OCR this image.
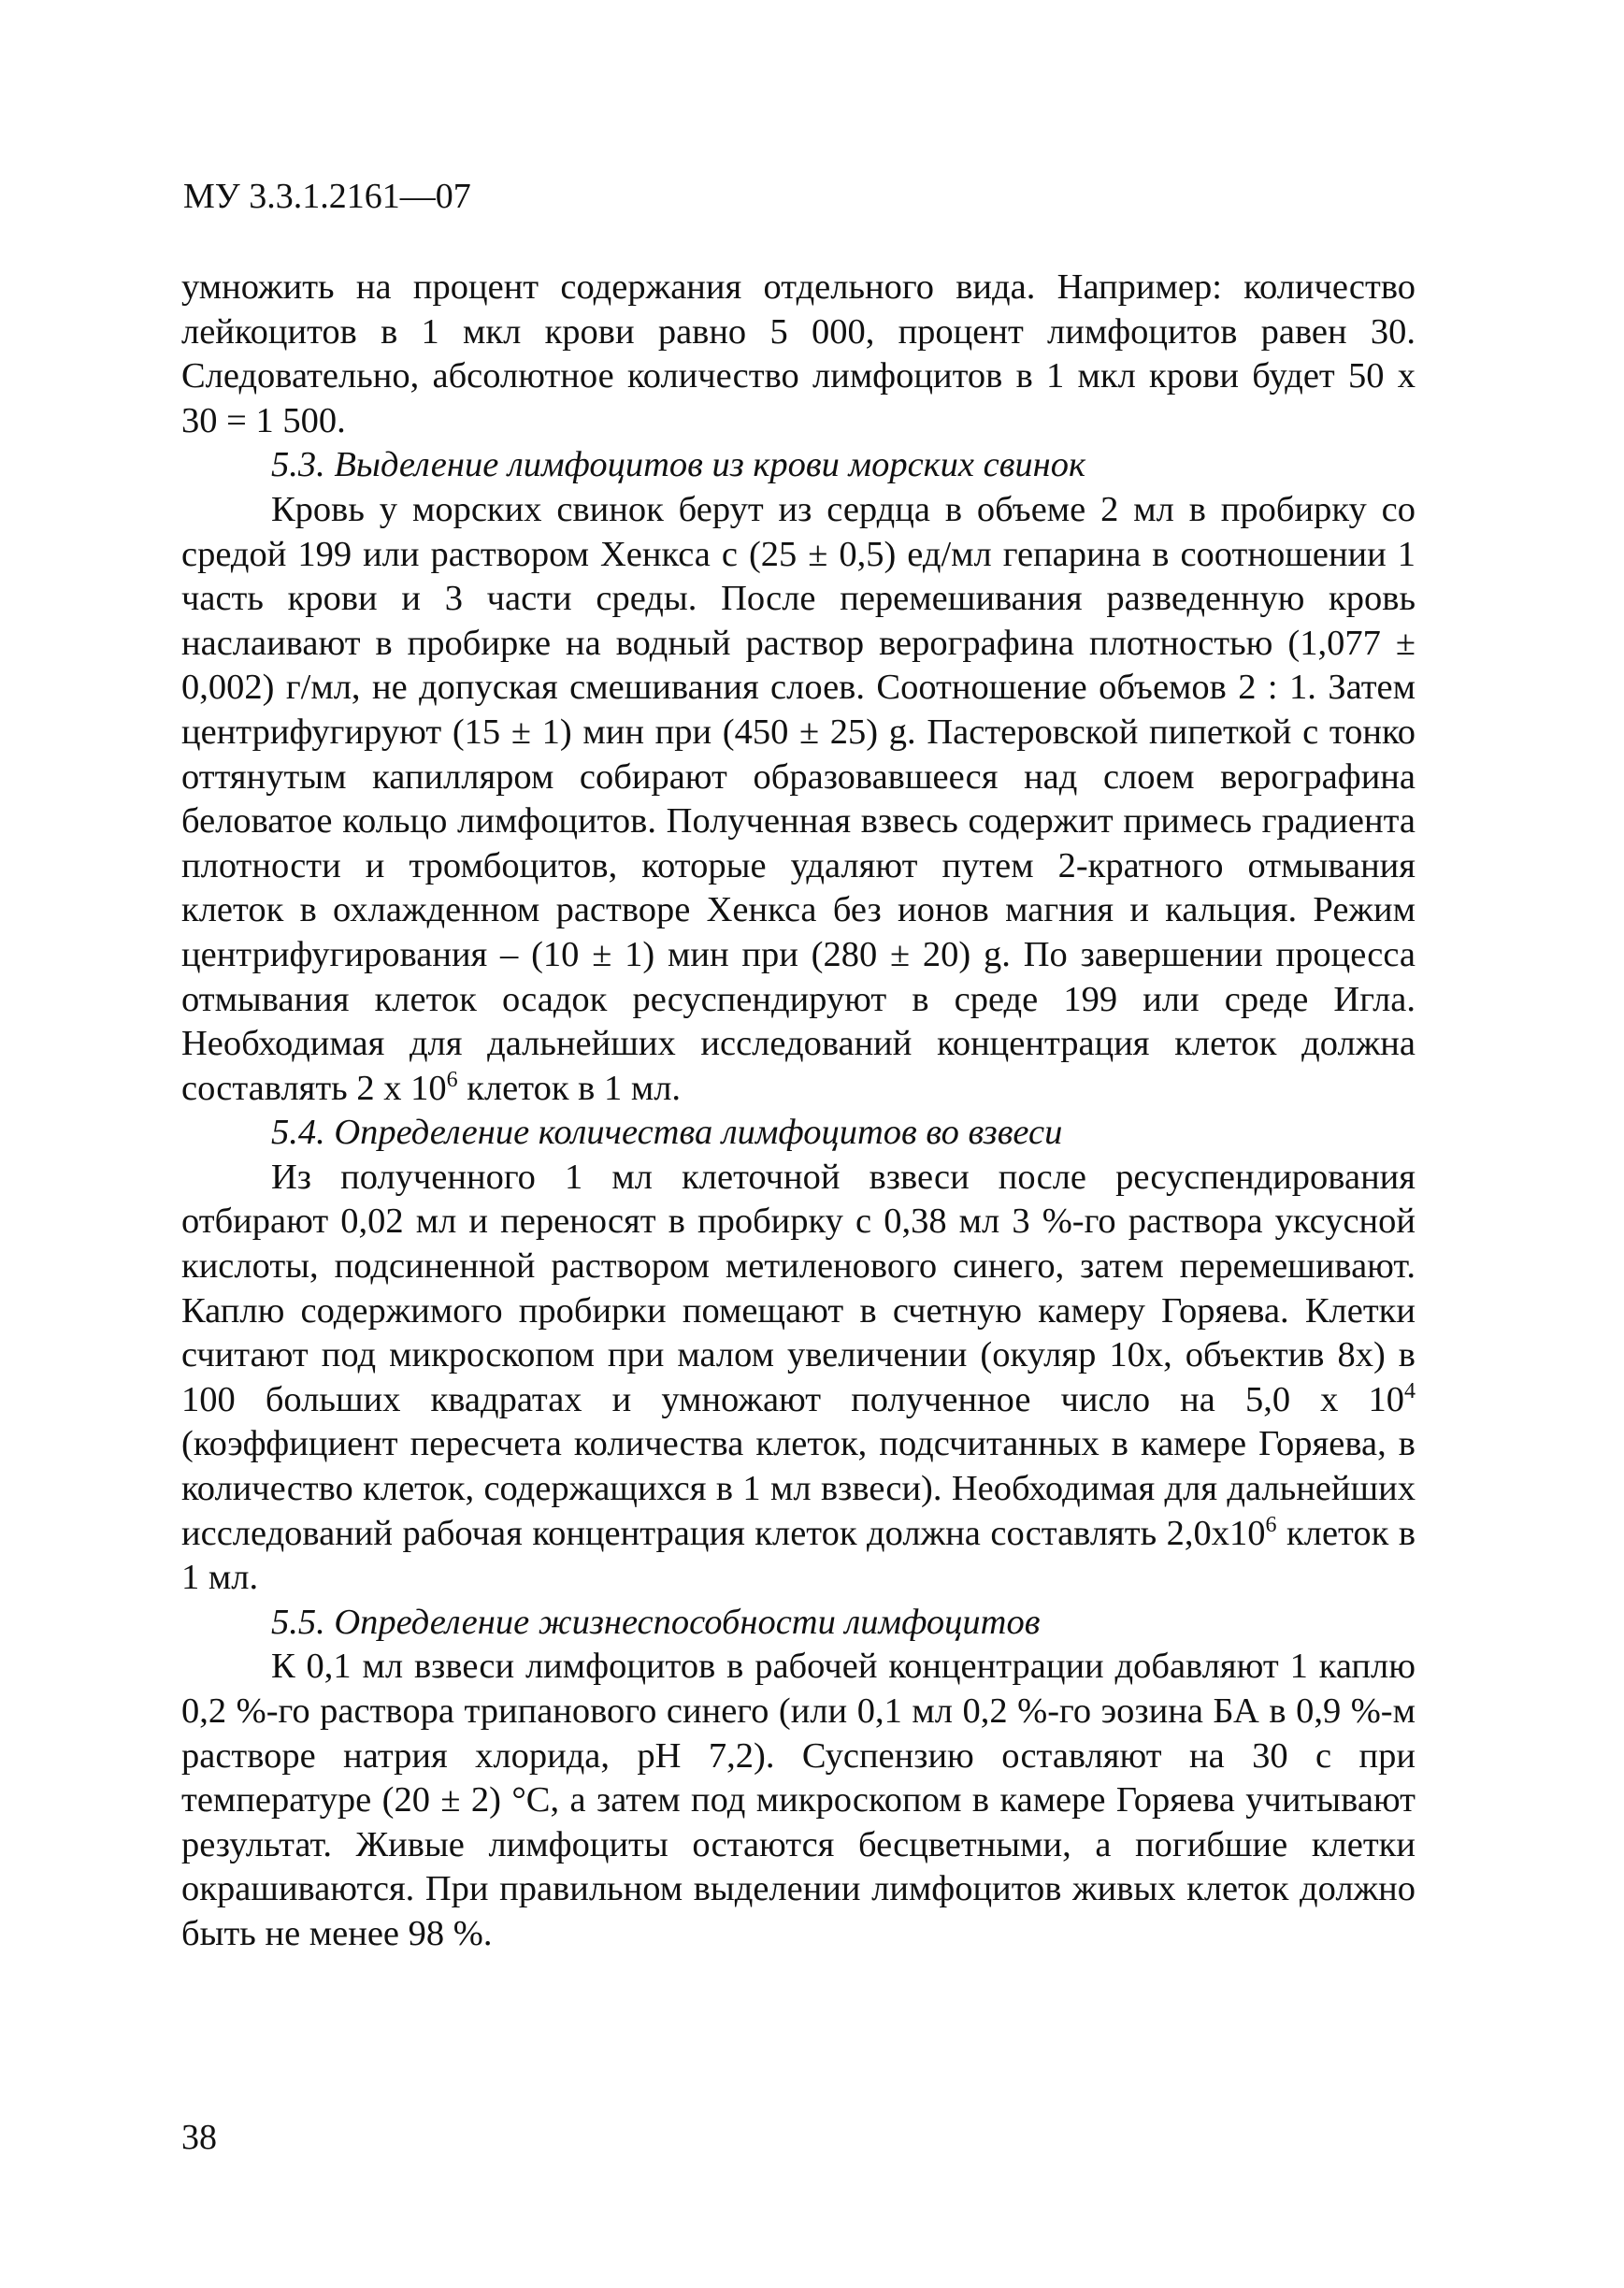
МУ 3.3.1.2161—07

умножить на процент содержания отдельного вида. Например: количество лейкоцитов в 1 мкл крови равно 5 000, процент лимфоцитов равен 30. Следовательно, абсолютное количество лимфоцитов в 1 мкл крови будет 50 х 30 = 1 500.

5.3. Выделение лимфоцитов из крови морских свинок

Кровь у морских свинок берут из сердца в объеме 2 мл в пробирку со средой 199 или раствором Хенкса с (25 ± 0,5) ед/мл гепарина в соотношении 1 часть крови и 3 части среды. После перемешивания разведенную кровь наслаивают в пробирке на водный раствор верографина плотностью (1,077 ± 0,002) г/мл, не допуская смешивания слоев. Соотношение объемов 2 : 1. Затем центрифугируют (15 ± 1) мин при (450 ± 25) g. Пастеровской пипеткой с тонко оттянутым капилляром собирают образовавшееся над слоем верографина беловатое кольцо лимфоцитов. Полученная взвесь содержит примесь градиента плотности и тромбоцитов, которые удаляют путем 2-кратного отмывания клеток в охлажденном растворе Хенкса без ионов магния и кальция. Режим центрифугирования – (10 ± 1) мин при (280 ± 20) g. По завершении процесса отмывания клеток осадок ресуспендируют в среде 199 или среде Игла. Необходимая для дальнейших исследований концентрация клеток должна составлять 2 х $10^6$ клеток в 1 мл.

5.4. Определение количества лимфоцитов во взвеси

Из полученного 1 мл клеточной взвеси после ресуспендирования отбирают 0,02 мл и переносят в пробирку с 0,38 мл 3 %-го раствора уксусной кислоты, подсиненной раствором метиленового синего, затем перемешивают. Каплю содержимого пробирки помещают в счетную камеру Горяева. Клетки считают под микроскопом при малом увеличении (окуляр 10х, объектив 8х) в 100 больших квадратах и умножают полученное число на 5,0 х $10^4$ (коэффициент пересчета количества клеток, подсчитанных в камере Горяева, в количество клеток, содержащихся в 1 мл взвеси). Необходимая для дальнейших исследований рабочая концентрация клеток должна составлять $2,0х10^6$ клеток в 1 мл.

5.5. Определение жизнеспособности лимфоцитов

К 0,1 мл взвеси лимфоцитов в рабочей концентрации добавляют 1 каплю 0,2 %-го раствора трипанового синего (или 0,1 мл 0,2 %-го эозина БА в 0,9 %-м растворе натрия хлорида, рН 7,2). Суспензию оставляют на 30 с при температуре (20 ± 2) °С, а затем под микроскопом в камере Горяева учитывают результат. Живые лимфоциты остаются бесцветными, а погибшие клетки окрашиваются. При правильном выделении лимфоцитов живых клеток должно быть не менее 98 %.

38
